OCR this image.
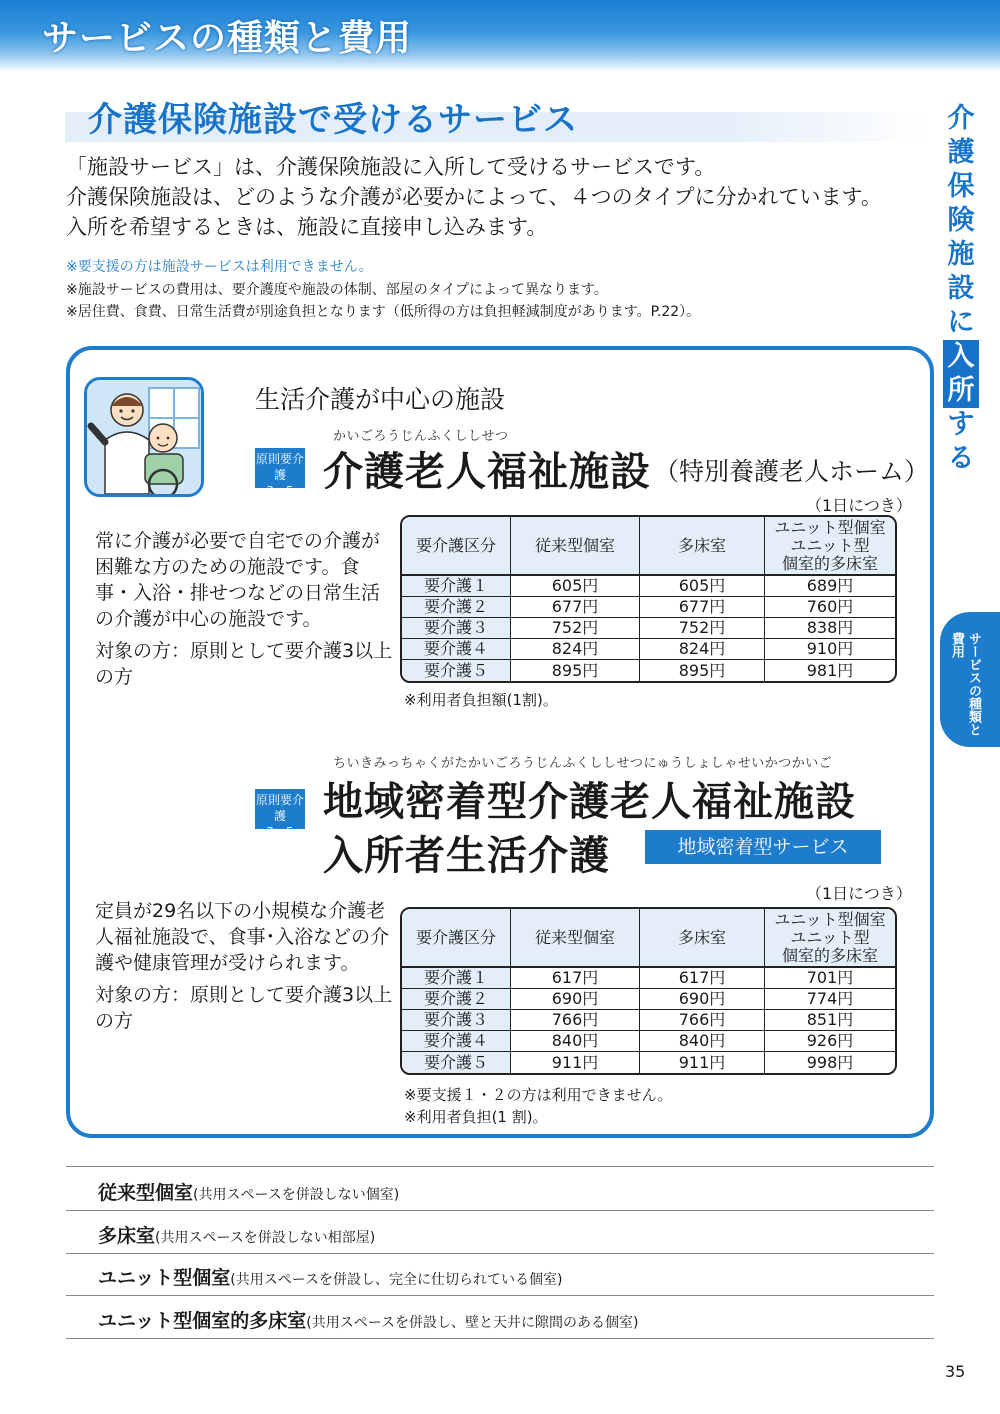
サービスの種類と費用
介護保険施設で受けるサービス	介
護
保
険
施
設
に
入
所
す
る
サービスの種類と費用
「施設サービス」は、介護保険施設に入所して受けるサービスです。
介護保険施設は、どのような介護が必要かによって、４つのタイプに分かれています。
入所を希望するときは、施設に直接申し込みます。
※要支援の方は施設サービスは利用できません。
※施設サービスの費用は、要介護度や施設の体制、部屋のタイプによって異なります。
※居住費、食費、日常生活費が別途負担となります（低所得の方は負担軽減制度があります。P.22）。
生活介護が中心の施設
原則要介護
3～5
かいごろうじんふくししせつ
介護老人福祉施設 （特別養護老人ホーム）
（1日につき）
常に介護が必要で自宅での介護が困難な方のための施設です。食事・入浴・排せつなどの日常生活の介護が中心の施設です。
対象の方：原則として要介護3以上の方
要介護区分	従来型個室	多床室	ユニット型個室
ユニット型
個室的多床室
要介護１	605円	605円	689円
要介護２	677円	677円	760円
要介護３	752円	752円	838円
要介護４	824円	824円	910円
要介護５	895円	895円	981円
※利用者負担額(1割)。
ちいきみっちゃくがたかいごろうじんふくししせつにゅうしょしゃせいかつかいご
原則要介護
3～5
地域密着型介護老人福祉施設
入所者生活介護	地域密着型サービス
（1日につき）
定員が29名以下の小規模な介護老人福祉施設で、食事･入浴などの介護や健康管理が受けられます。
対象の方：原則として要介護3以上の方
要介護区分	従来型個室	多床室	ユニット型個室
ユニット型
個室的多床室
要介護１	617円	617円	701円
要介護２	690円	690円	774円
要介護３	766円	766円	851円
要介護４	840円	840円	926円
要介護５	911円	911円	998円
※要支援１・２の方は利用できません。
※利用者負担(1 割)。
従来型個室(共用スペースを併設しない個室)
多床室(共用スペースを併設しない相部屋)
ユニット型個室(共用スペースを併設し、完全に仕切られている個室)
ユニット型個室的多床室(共用スペースを併設し、壁と天井に隙間のある個室)
35
